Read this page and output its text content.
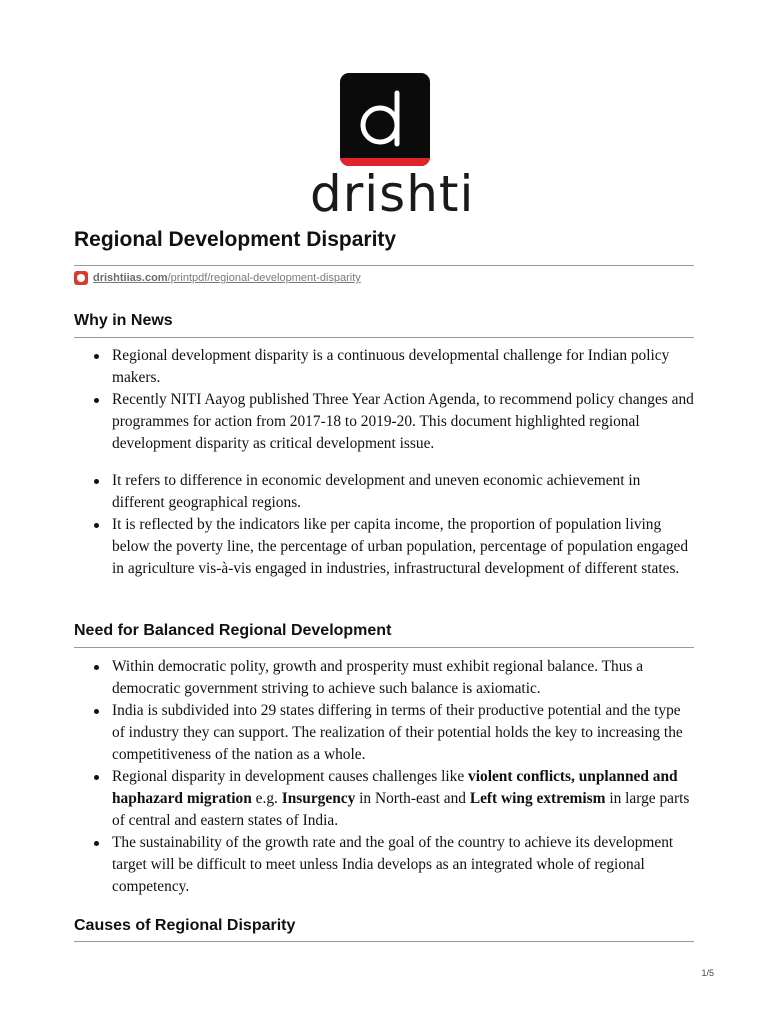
drishti
Regional Development Disparity
drishtiias.com/printpdf/regional-development-disparity
Why in News
Regional development disparity is a continuous developmental challenge for Indian policy makers.
Recently NITI Aayog published Three Year Action Agenda, to recommend policy changes and programmes for action from 2017-18 to 2019-20. This document highlighted regional development disparity as critical development issue.
It refers to difference in economic development and uneven economic achievement in different geographical regions.
It is reflected by the indicators like per capita income, the proportion of population living below the poverty line, the percentage of urban population, percentage of population engaged in agriculture vis-à-vis engaged in industries, infrastructural development of different states.
Need for Balanced Regional Development
Within democratic polity, growth and prosperity must exhibit regional balance. Thus a democratic government striving to achieve such balance is axiomatic.
India is subdivided into 29 states differing in terms of their productive potential and the type of industry they can support. The realization of their potential holds the key to increasing the competitiveness of the nation as a whole.
Regional disparity in development causes challenges like violent conflicts, unplanned and haphazard migration e.g. Insurgency in North-east and Left wing extremism in large parts of central and eastern states of India.
The sustainability of the growth rate and the goal of the country to achieve its development target will be difficult to meet unless India develops as an integrated whole of regional competency.
Causes of Regional Disparity
1/5
